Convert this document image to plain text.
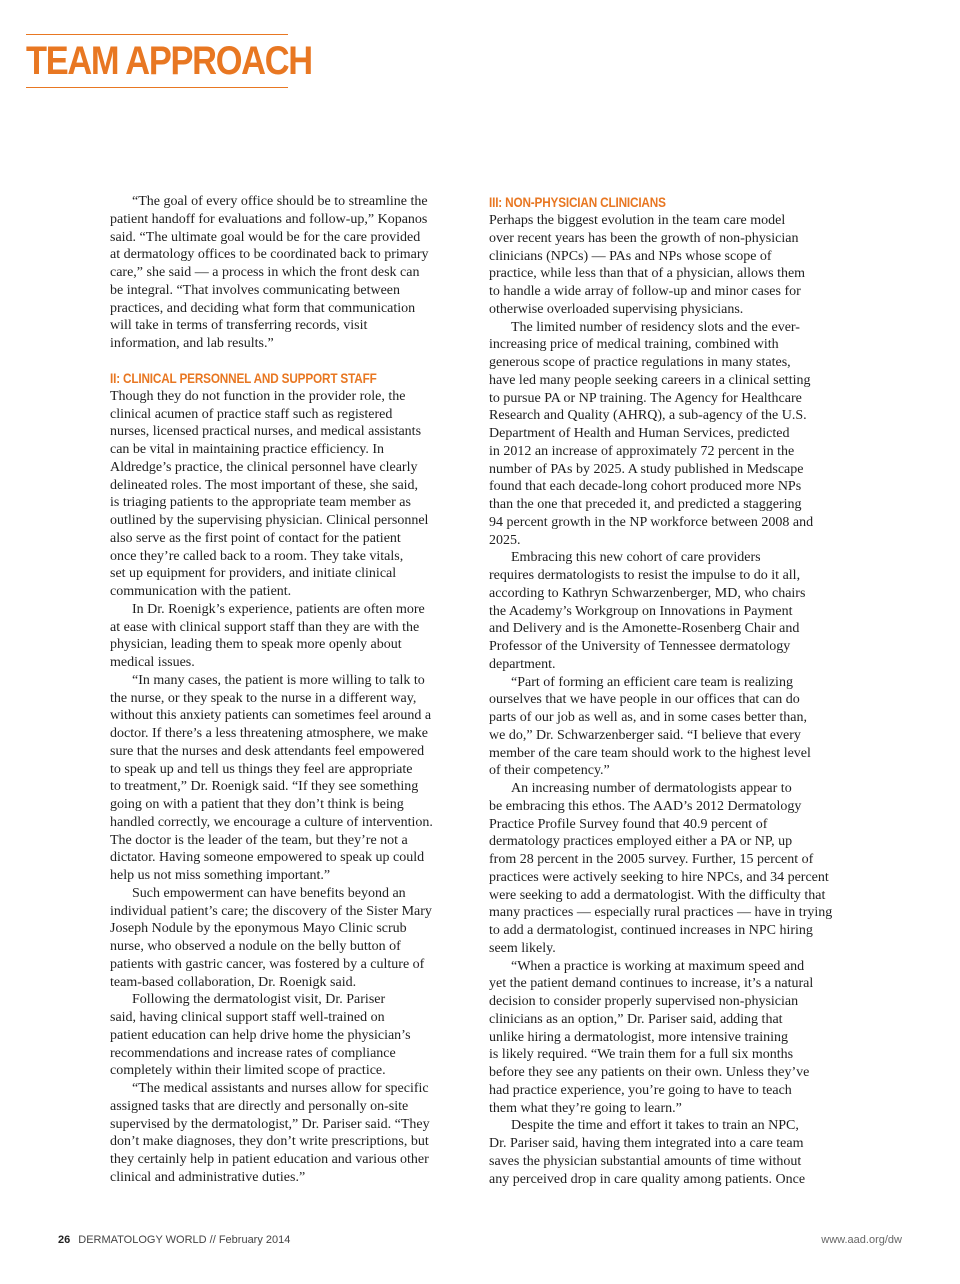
TEAM APPROACH

“The goal of every office should be to streamline the
patient handoff for evaluations and follow-up,” Kopanos
said. “The ultimate goal would be for the care provided
at dermatology offices to be coordinated back to primary
care,” she said — a process in which the front desk can
be integral. “That involves communicating between
practices, and deciding what form that communication
will take in terms of transferring records, visit
information, and lab results.”

II: CLINICAL PERSONNEL AND SUPPORT STAFF

Though they do not function in the provider role, the
clinical acumen of practice staff such as registered
nurses, licensed practical nurses, and medical assistants
can be vital in maintaining practice efficiency. In
Aldredge’s practice, the clinical personnel have clearly
delineated roles. The most important of these, she said,
is triaging patients to the appropriate team member as
outlined by the supervising physician. Clinical personnel
also serve as the first point of contact for the patient
once they’re called back to a room. They take vitals,
set up equipment for providers, and initiate clinical
communication with the patient.

In Dr. Roenigk’s experience, patients are often more
at ease with clinical support staff than they are with the
physician, leading them to speak more openly about
medical issues.

“In many cases, the patient is more willing to talk to
the nurse, or they speak to the nurse in a different way,
without this anxiety patients can sometimes feel around a
doctor. If there’s a less threatening atmosphere, we make
sure that the nurses and desk attendants feel empowered
to speak up and tell us things they feel are appropriate
to treatment,” Dr. Roenigk said. “If they see something
going on with a patient that they don’t think is being
handled correctly, we encourage a culture of intervention.
The doctor is the leader of the team, but they’re not a
dictator. Having someone empowered to speak up could
help us not miss something important.”

Such empowerment can have benefits beyond an
individual patient’s care; the discovery of the Sister Mary
Joseph Nodule by the eponymous Mayo Clinic scrub
nurse, who observed a nodule on the belly button of
patients with gastric cancer, was fostered by a culture of
team-based collaboration, Dr. Roenigk said.

Following the dermatologist visit, Dr. Pariser
said, having clinical support staff well-trained on
patient education can help drive home the physician’s
recommendations and increase rates of compliance
completely within their limited scope of practice.

“The medical assistants and nurses allow for specific
assigned tasks that are directly and personally on-site
supervised by the dermatologist,” Dr. Pariser said. “They
don’t make diagnoses, they don’t write prescriptions, but
they certainly help in patient education and various other
clinical and administrative duties.”

III: NON-PHYSICIAN CLINICIANS

Perhaps the biggest evolution in the team care model
over recent years has been the growth of non-physician
clinicians (NPCs) — PAs and NPs whose scope of
practice, while less than that of a physician, allows them
to handle a wide array of follow-up and minor cases for
otherwise overloaded supervising physicians.

The limited number of residency slots and the ever-
increasing price of medical training, combined with
generous scope of practice regulations in many states,
have led many people seeking careers in a clinical setting
to pursue PA or NP training. The Agency for Healthcare
Research and Quality (AHRQ), a sub-agency of the U.S.
Department of Health and Human Services, predicted
in 2012 an increase of approximately 72 percent in the
number of PAs by 2025. A study published in Medscape
found that each decade-long cohort produced more NPs
than the one that preceded it, and predicted a staggering
94 percent growth in the NP workforce between 2008 and
2025.

Embracing this new cohort of care providers
requires dermatologists to resist the impulse to do it all,
according to Kathryn Schwarzenberger, MD, who chairs
the Academy’s Workgroup on Innovations in Payment
and Delivery and is the Amonette-Rosenberg Chair and
Professor of the University of Tennessee dermatology
department.

“Part of forming an efficient care team is realizing
ourselves that we have people in our offices that can do
parts of our job as well as, and in some cases better than,
we do,” Dr. Schwarzenberger said. “I believe that every
member of the care team should work to the highest level
of their competency.”

An increasing number of dermatologists appear to
be embracing this ethos. The AAD’s 2012 Dermatology
Practice Profile Survey found that 40.9 percent of
dermatology practices employed either a PA or NP, up
from 28 percent in the 2005 survey. Further, 15 percent of
practices were actively seeking to hire NPCs, and 34 percent
were seeking to add a dermatologist. With the difficulty that
many practices — especially rural practices — have in trying
to add a dermatologist, continued increases in NPC hiring
seem likely.

“When a practice is working at maximum speed and
yet the patient demand continues to increase, it’s a natural
decision to consider properly supervised non-physician
clinicians as an option,” Dr. Pariser said, adding that
unlike hiring a dermatologist, more intensive training
is likely required. “We train them for a full six months
before they see any patients on their own. Unless they’ve
had practice experience, you’re going to have to teach
them what they’re going to learn.”

Despite the time and effort it takes to train an NPC,
Dr. Pariser said, having them integrated into a care team
saves the physician substantial amounts of time without
any perceived drop in care quality among patients. Once

26 DERMATOLOGY WORLD // February 2014	www.aad.org/dw
